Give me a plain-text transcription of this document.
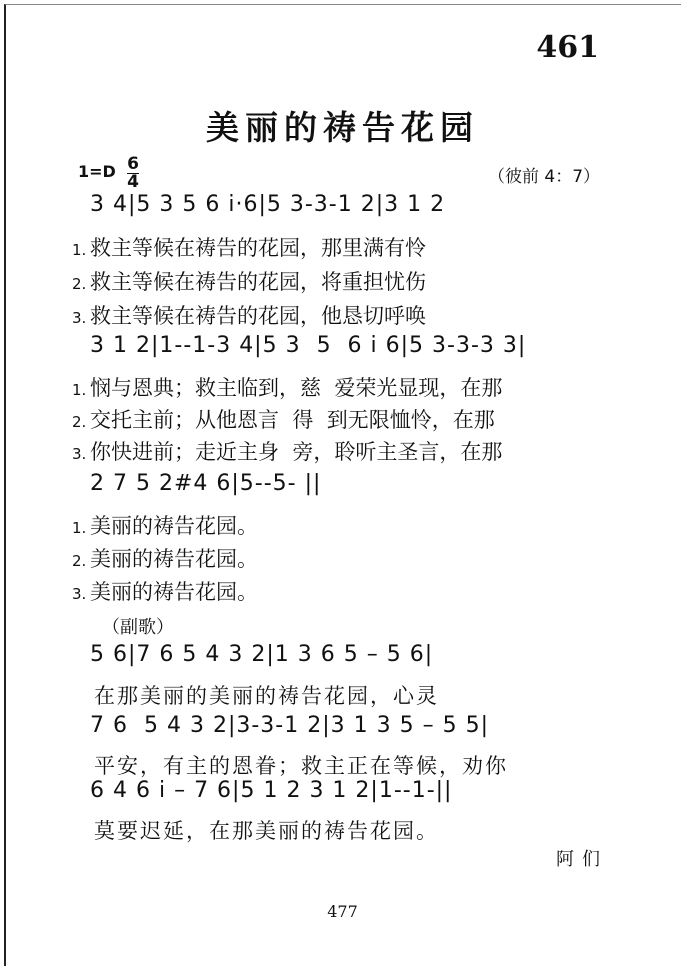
461
美丽的祷告花园
1=D 6
4	（彼前 4：7）
3 4|5 3 5 6 i·6|5 3‑3‑1 2|3 1 2
1. 救主等候在祷告的花园，那里满有怜
2. 救主等候在祷告的花园，将重担忧伤
3. 救主等候在祷告的花园，他恳切呼唤
3 1 2|1‑‑1‑3 4|5 3  5  6 i 6|5 3‑3‑3 3|
1. 悯与恩典；救主临到，慈  爱荣光显现，在那
2. 交托主前；从他恩言  得  到无限恤怜，在那
3. 你快进前；走近主身  旁，聆听主圣言，在那
2 7 5 2#4 6|5‑‑5‑ ||
1. 美丽的祷告花园。
2. 美丽的祷告花园。
3. 美丽的祷告花园。
（副歌）
5 6|7 6 5 4 3 2|1 3 6 5 – 5 6|
在那美丽的美丽的祷告花园，心灵
7 6  5 4 3 2|3‑3‑1 2|3 1 3 5 – 5 5|
平安，有主的恩眷；救主正在等候，劝你
6 4 6 i – 7 6|5 1 2 3 1 2|1‑‑1‑||
莫要迟延，在那美丽的祷告花园。
阿们
477
